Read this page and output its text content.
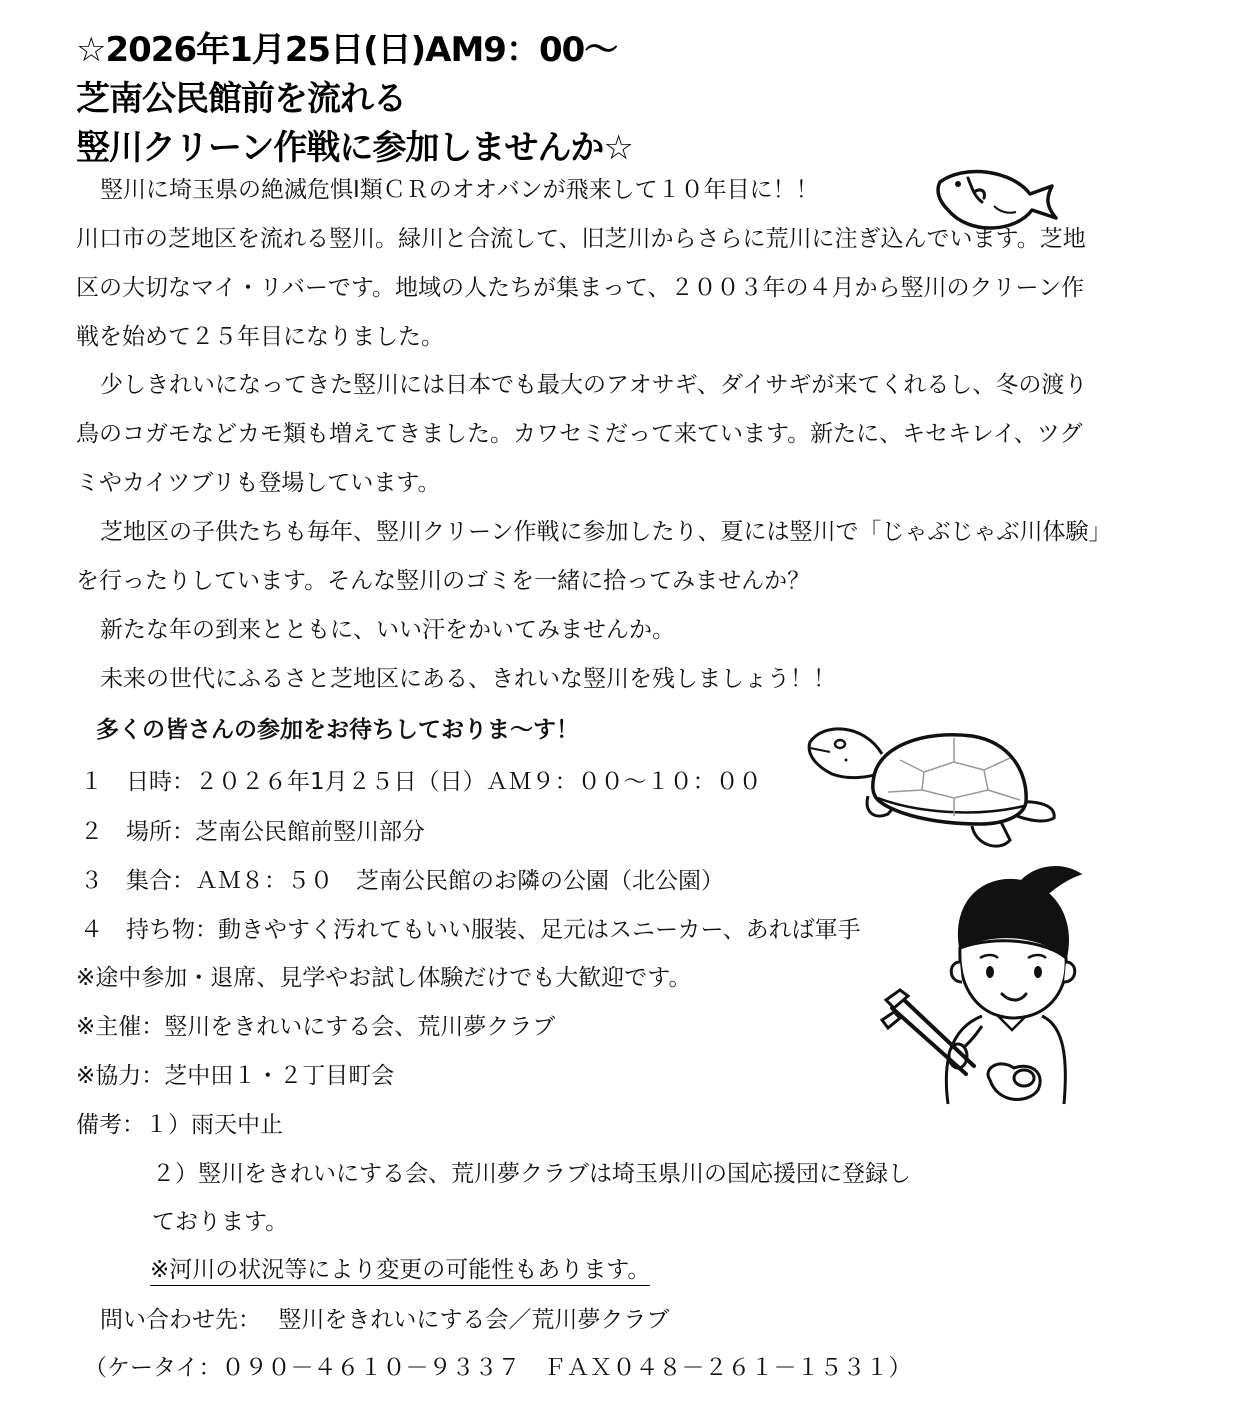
☆2026年1月25日(日)AM9：00～
芝南公民館前を流れる
竪川クリーン作戦に参加しませんか☆
竪川に埼玉県の絶滅危惧Ⅰ類ＣＲのオオバンが飛来して１０年目に！！
川口市の芝地区を流れる竪川。緑川と合流して、旧芝川からさらに荒川に注ぎ込んでいます。芝地
区の大切なマイ・リバーです。地域の人たちが集まって、２００３年の４月から竪川のクリーン作
戦を始めて２５年目になりました。
少しきれいになってきた竪川には日本でも最大のアオサギ、ダイサギが来てくれるし、冬の渡り
鳥のコガモなどカモ類も増えてきました。カワセミだって来ています。新たに、キセキレイ、ツグ
ミやカイツブリも登場しています。
芝地区の子供たちも毎年、竪川クリーン作戦に参加したり、夏には竪川で「じゃぶじゃぶ川体験」
を行ったりしています。そんな竪川のゴミを一緒に拾ってみませんか？
新たな年の到来とともに、いい汗をかいてみませんか。
未来の世代にふるさと芝地区にある、きれいな竪川を残しましょう！！
多くの皆さんの参加をお待ちしておりま～す！
１　日時：２０２６年1月２５日（日）ＡＭ９：００～１０：００
２　場所：芝南公民館前竪川部分
３　集合：ＡＭ８：５０　芝南公民館のお隣の公園（北公園）
４　持ち物：動きやすく汚れてもいい服装、足元はスニーカー、あれば軍手
※途中参加・退席、見学やお試し体験だけでも大歓迎です。
※主催：竪川をきれいにする会、荒川夢クラブ
※協力：芝中田１・２丁目町会
備考：１）雨天中止
２）竪川をきれいにする会、荒川夢クラブは埼玉県川の国応援団に登録し
ております。
※河川の状況等により変更の可能性もあります。
問い合わせ先： 竪川をきれいにする会／荒川夢クラブ
（ケータイ：０９０－４６１０－９３３７　ＦＡＸ０４８－２６１－１５３１）
